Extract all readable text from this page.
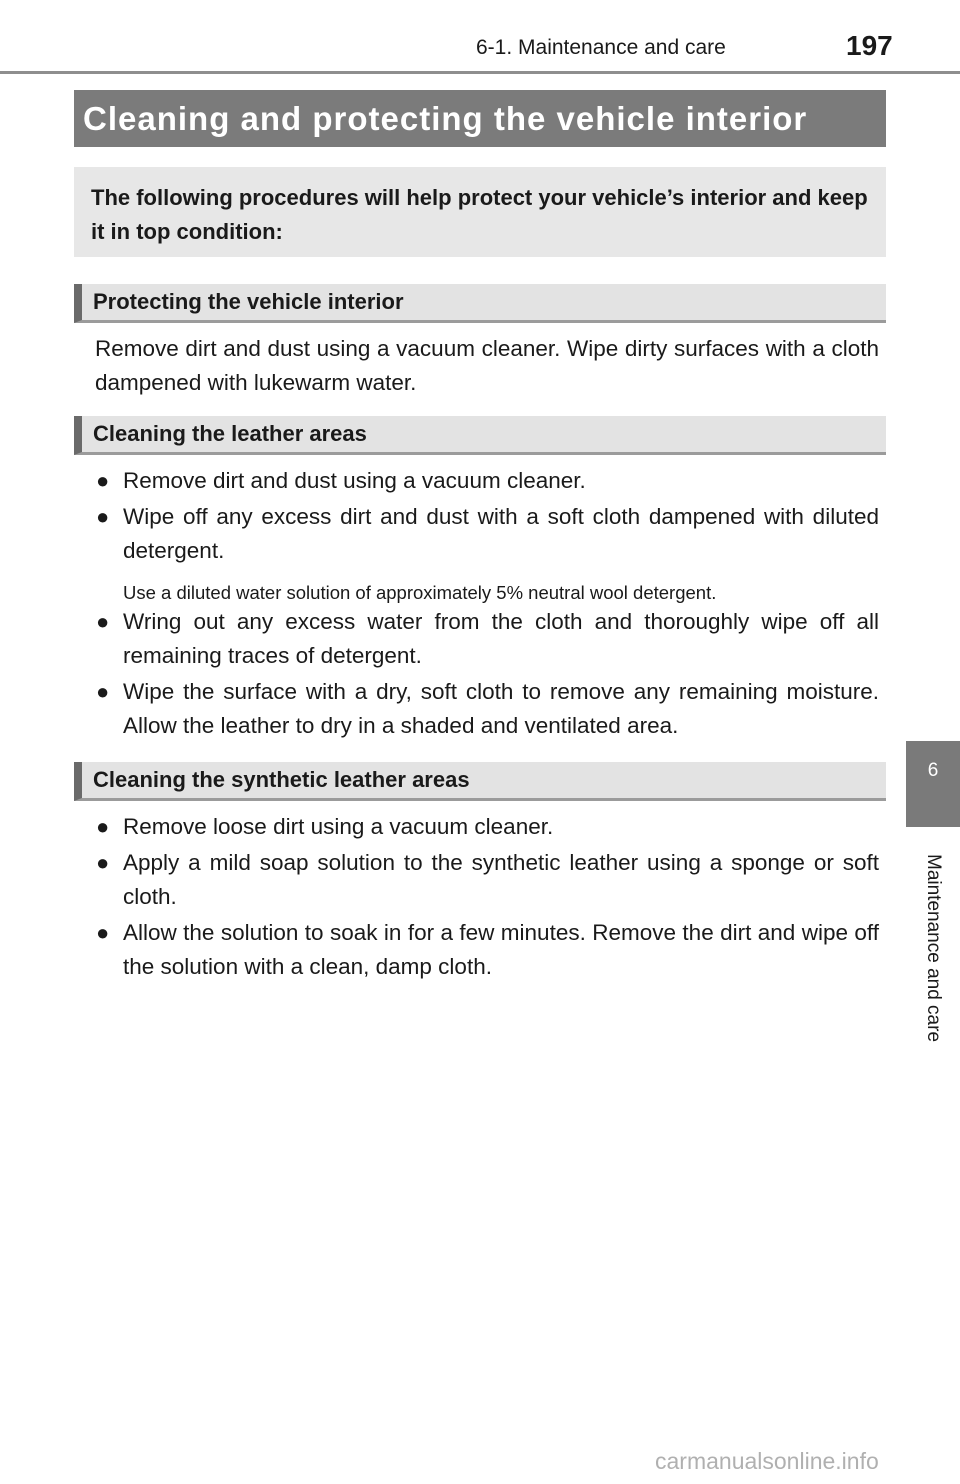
6-1. Maintenance and care	197
Cleaning and protecting the vehicle interior
The following procedures will help protect your vehicle’s interior and keep it in top condition:
Protecting the vehicle interior
Remove dirt and dust using a vacuum cleaner. Wipe dirty surfaces with a cloth dampened with lukewarm water.
Cleaning the leather areas
● Remove dirt and dust using a vacuum cleaner.
● Wipe off any excess dirt and dust with a soft cloth dampened with diluted detergent.
Use a diluted water solution of approximately 5% neutral wool detergent.
● Wring out any excess water from the cloth and thoroughly wipe off all remaining traces of detergent.
● Wipe the surface with a dry, soft cloth to remove any remaining moisture. Allow the leather to dry in a shaded and ventilated area.
Cleaning the synthetic leather areas
● Remove loose dirt using a vacuum cleaner.
● Apply a mild soap solution to the synthetic leather using a sponge or soft cloth.
● Allow the solution to soak in for a few minutes. Remove the dirt and wipe off the solution with a clean, damp cloth.
6
Maintenance and care
carmanualsonline.info
